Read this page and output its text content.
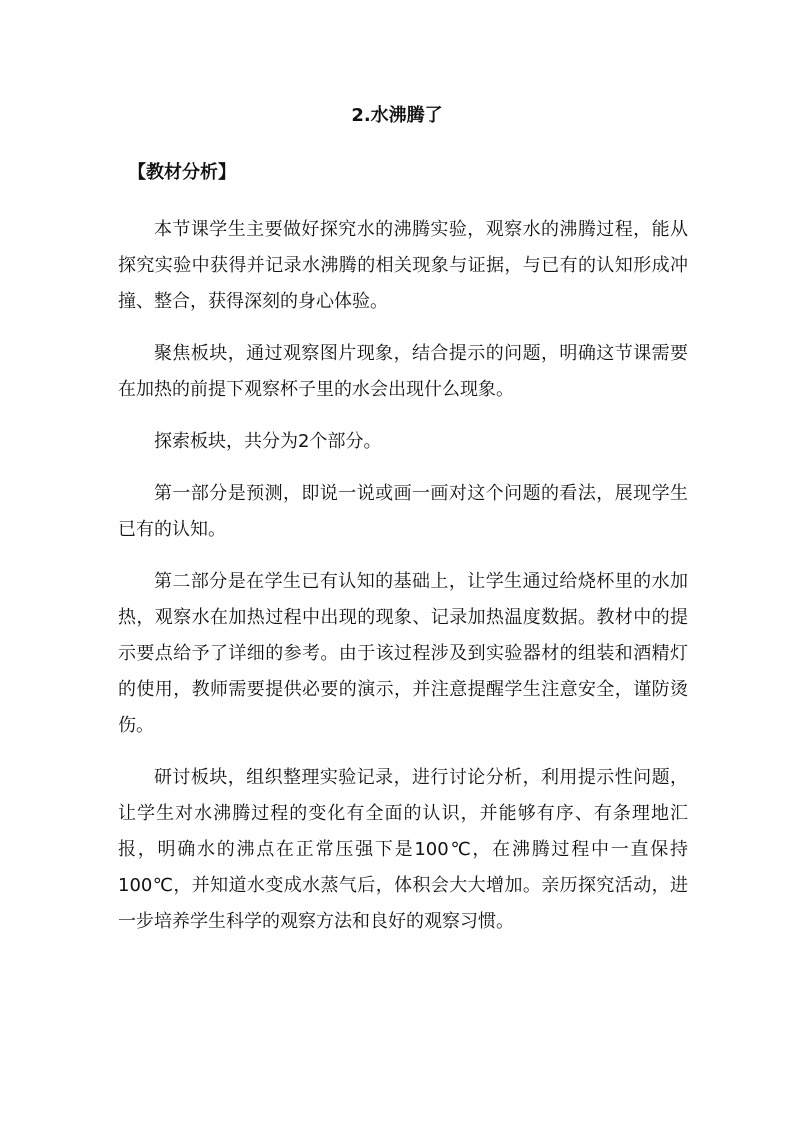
2.水沸腾了
【教材分析】

本节课学生主要做好探究水的沸腾实验，观察水的沸腾过程，能从探究实验中获得并记录水沸腾的相关现象与证据，与已有的认知形成冲撞、整合，获得深刻的身心体验。

聚焦板块，通过观察图片现象，结合提示的问题，明确这节课需要在加热的前提下观察杯子里的水会出现什么现象。

探索板块，共分为2个部分。

第一部分是预测，即说一说或画一画对这个问题的看法，展现学生已有的认知。

第二部分是在学生已有认知的基础上，让学生通过给烧杯里的水加热，观察水在加热过程中出现的现象、记录加热温度数据。教材中的提示要点给予了详细的参考。由于该过程涉及到实验器材的组装和酒精灯的使用，教师需要提供必要的演示，并注意提醒学生注意安全，谨防烫伤。

研讨板块，组织整理实验记录，进行讨论分析，利用提示性问题，让学生对水沸腾过程的变化有全面的认识，并能够有序、有条理地汇报，明确水的沸点在正常压强下是100℃，在沸腾过程中一直保持100℃，并知道水变成水蒸气后，体积会大大增加。亲历探究活动，进一步培养学生科学的观察方法和良好的观察习惯。
